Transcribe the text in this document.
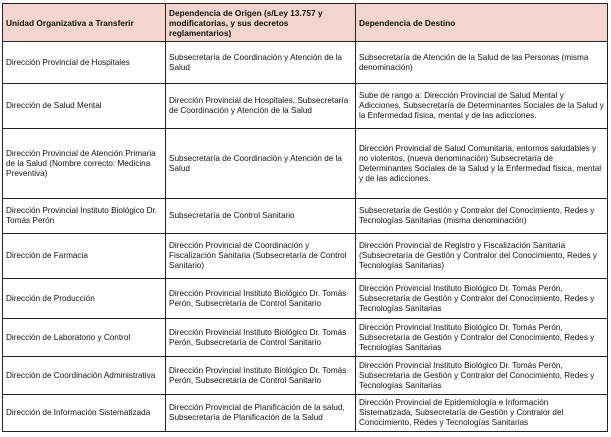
Unidad Organizativa a Transferir	Dependencia de Origen (s/Ley 13.757 y modificatorias, y sus decretos reglamentarios)	Dependencia de Destino
Dirección Provincial de Hospitales	Subsecretaría de Coordinación y Atención de la Salud	Subsecretaría de Atención de la Salud de las Personas (misma denominación)
Dirección de Salud Mental	Dirección Provincial de Hospitales, Subsecretaría de Coordinación y Atención de la Salud	Sube de rango a: Dirección Provincial de Salud Mental y Adicciones, Subsecretaría de Determinantes Sociales de la Salud y la Enfermedad física, mental y de las adicciones.
Dirección Provincial de Atención Primaria de la Salud (Nombre correcto: Medicina Preventiva)	Subsecretaría de Coordinación y Atención de la Salud	Dirección Provincial de Salud Comunitaria, entornos saludables y no violentos, (nueva denominación) Subsecretaría de Determinantes Sociales de la Salud y la Enfermedad física, mental y de las adicciones.
Dirección Provincial Instituto Biológico Dr. Tomás Perón	Subsecretaría de Control Sanitario	Subsecretaría de Gestión y Contralor del Conocimiento, Redes y Tecnologías Sanitarias (misma denominación)
Dirección de Farmacia	Dirección Provincial de Coordinación y Fiscalización Sanitaria (Subsecretaría de Control Sanitario)	Dirección Provincial de Registro y Fiscalización Sanitaria (Subsecretaría de Gestión y Contralor del Conocimiento, Redes y Tecnologías Sanitarias)
Dirección de Producción	Dirección Provincial Instituto Biológico Dr. Tomás Perón, Subsecretaría de Control Sanitario	Dirección Provincial Instituto Biológico Dr. Tomás Perón, Subsecretaría de Gestión y Contralor del Conocimiento, Redes y Tecnologías Sanitarias
Dirección de Laboratorio y Control	Dirección Provincial Instituto Biológico Dr. Tomás Perón, Subsecretaría de Control Sanitario	Dirección Provincial Instituto Biológico Dr. Tomás Perón, Subsecretaría de Gestión y Contralor del Conocimiento, Redes y Tecnologías Sanitarias
Dirección de Coordinación Administrativa	Dirección Provincial Instituto Biológico Dr. Tomás Perón, Subsecretaría de Control Sanitario	Dirección Provincial Instituto Biológico Dr. Tomás Perón, Subsecretaría de Gestión y Contralor del Conocimiento, Redes y Tecnologías Sanitarias
Dirección de Información Sistematizada	Dirección Provincial de Planificación de la salud, Subsecretaría de Planificación de la Salud	Dirección Provincial de Epidemiología e Información Sistematizada, Subsecretaría de Gestión y Contralor del Conocimiento, Redes y Tecnologías Sanitarias
